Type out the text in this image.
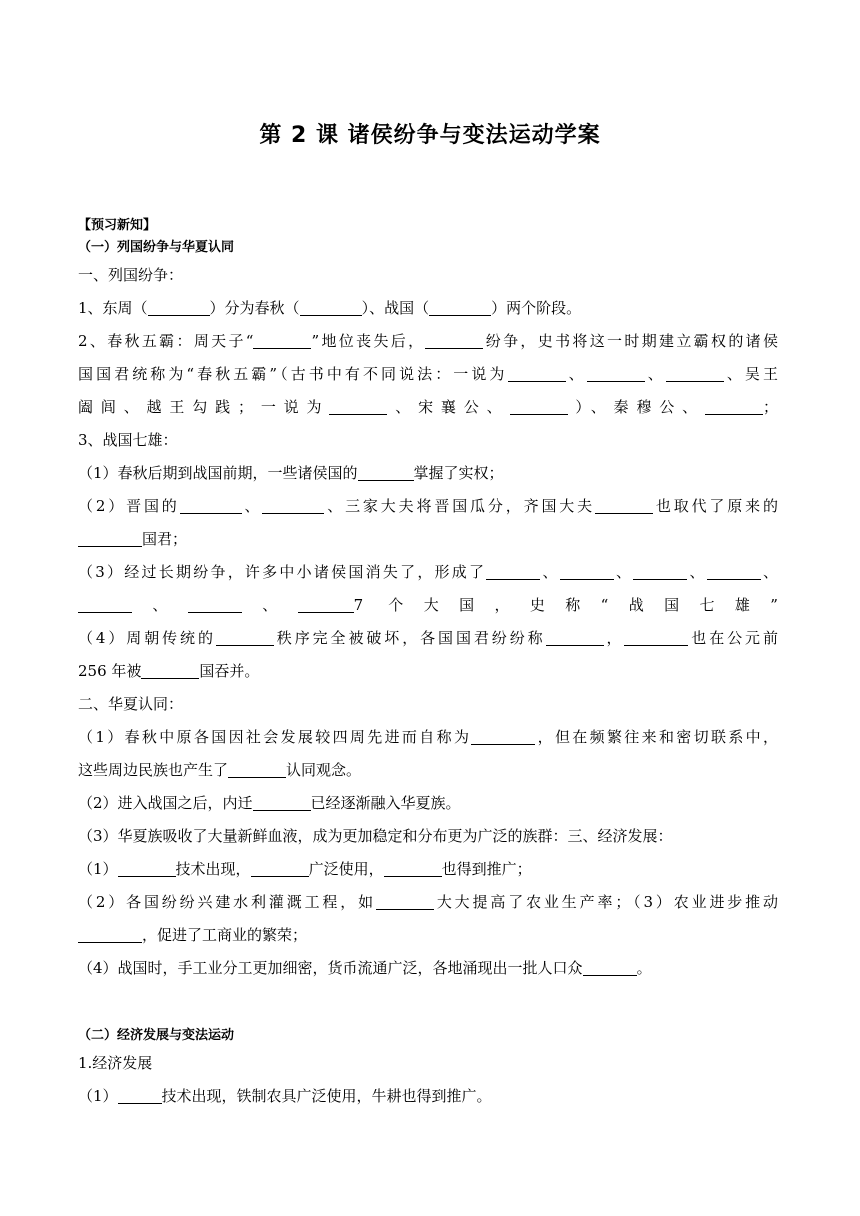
第 2 课 诸侯纷争与变法运动学案
【预习新知】
（一）列国纷争与华夏认同
一、列国纷争：
1、东周（	）分为春秋（	）、战国（	）两个阶段。
2、春秋五霸：周天子“	”地位丧失后，	纷争，史书将这一时期建立霸权的诸侯
国国君统称为“春秋五霸”（古书中有不同说法：一说为	、	、	、吴王
阖闾、越王勾践；一说为	、宋襄公、	）、秦穆公、	；
3、战国七雄：
（1）春秋后期到战国前期，一些诸侯国的	掌握了实权；
（2）晋国的	、	、三家大夫将晋国瓜分，齐国大夫	也取代了原来的
国君；
（3）经过长期纷争，许多中小诸侯国消失了，形成了	、	、	、	、
、	、	7 个大国，史称“战国七雄”
（4）周朝传统的	秩序完全被破坏，各国国君纷纷称	，	也在公元前
256 年被	国吞并。
二、华夏认同：
（1）春秋中原各国因社会发展较四周先进而自称为	，但在频繁往来和密切联系中，
这些周边民族也产生了	认同观念。
（2）进入战国之后，内迁	已经逐渐融入华夏族。
（3）华夏族吸收了大量新鲜血液，成为更加稳定和分布更为广泛的族群：三、经济发展：
（1）	技术出现，	广泛使用，	也得到推广；
（2）各国纷纷兴建水利灌溉工程，如	大大提高了农业生产率；（3）农业进步推动
，促进了工商业的繁荣；
（4）战国时，手工业分工更加细密，货币流通广泛，各地涌现出一批人口众	。
（二）经济发展与变法运动
1.经济发展
（1）	技术出现，铁制农具广泛使用，牛耕也得到推广。
